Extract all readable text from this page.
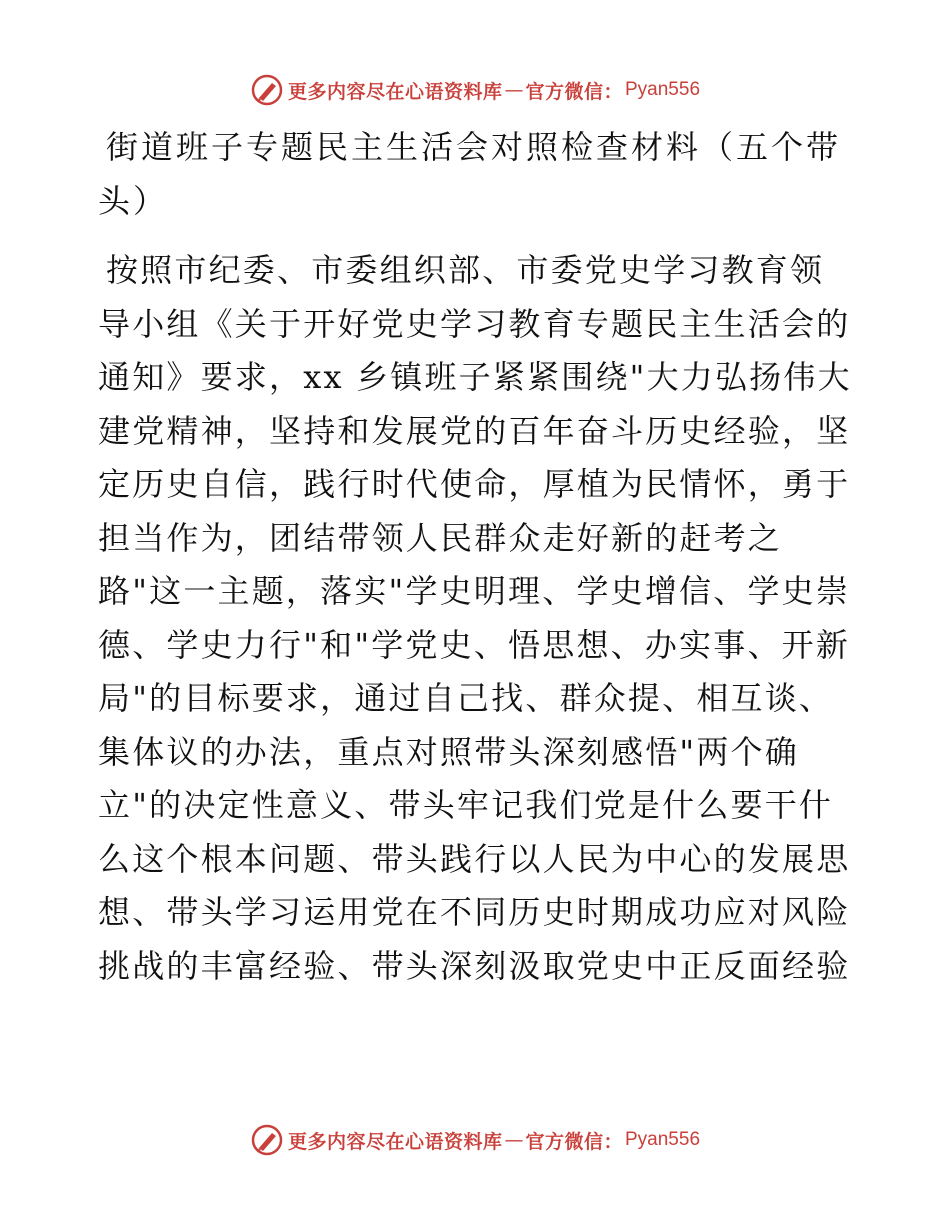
更多内容尽在心语资料库 — 官方微信： Pyan556
街道班子专题民主生活会对照检查材料（五个带
头）

按照市纪委、市委组织部、市委党史学习教育领
导小组《关于开好党史学习教育专题民主生活会的
通知》要求，xx 乡镇班子紧紧围绕"大力弘扬伟大
建党精神，坚持和发展党的百年奋斗历史经验，坚
定历史自信，践行时代使命，厚植为民情怀，勇于
担当作为，团结带领人民群众走好新的赶考之
路"这一主题，落实"学史明理、学史增信、学史崇
德、学史力行"和"学党史、悟思想、办实事、开新
局"的目标要求，通过自己找、群众提、相互谈、
集体议的办法，重点对照带头深刻感悟"两个确
立"的决定性意义、带头牢记我们党是什么要干什
么这个根本问题、带头践行以人民为中心的发展思
想、带头学习运用党在不同历史时期成功应对风险
挑战的丰富经验、带头深刻汲取党史中正反面经验

更多内容尽在心语资料库 — 官方微信： Pyan556
